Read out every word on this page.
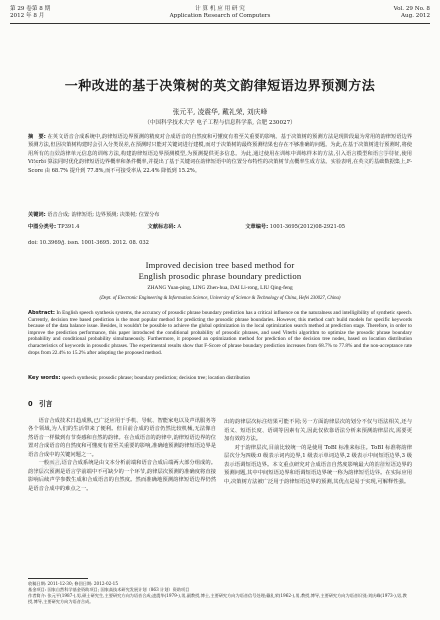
第 29 卷第 8 期
2012 年 8 月
计 算 机 应 用 研 究
Application Research of Computers
Vol. 29 No. 8
Aug. 2012
一种改进的基于决策树的英文韵律短语边界预测方法
张元平, 凌震华, 戴礼荣, 刘庆峰
（中国科学技术大学 电子工程与信息科学系, 合肥 230027）
摘　要: 在英文语音合成系统中,韵律短语边界预测的精度对合成语音的自然度和可懂度有着至关重要的影响。基于决策树的预测方法是现阶段最为常用的韵律短语边界预测方法,但因决策树构建时会引入分类误差,在预测时只能对关键词进行建模,而对于决策树的最终预测结果也存在不够准确的问题。为此,在基于决策树进行预测时,将使用所有的有效韵律单元信息的训练方法,构建韵律短语边界预测模型,为预测提供更多信息。为此,通过使用在训练中训练样本的方法,引入语言模型和语言学特征,使用 Viterbi 算法同时优化韵律短语边界概率和条件概率,并提出了基于关键词在韵律短语中的位置分布特性的决策树节点概率生成方法。实验表明,在英文的基础数据集上,F-Score 由 68.7% 提升到 77.8%,而不可接受率从 22.4% 降低到 15.2%。
关键词: 语音合成; 韵律短语; 边界预测; 决策树; 位置分布
中图分类号: TP391.4	文献标志码: A	文章编号: 1001-3695(2012)08-2921-05
doi: 10.3969/j. issn. 1001-3695. 2012. 08. 032
Improved decision tree based method for
English prosodic phrase boundary prediction
ZHANG Yuan-ping, LING Zhen-hua, DAI Li-rong, LIU Qing-feng
(Dept. of Electronic Engineering & Information Science, University of Science & Technology of China, Hefei 230027, China)
Abstract: In English speech synthesis systems, the accuracy of prosodic phrase boundary prediction has a critical influence on the naturalness and intelligibility of synthetic speech. Currently, decision tree based prediction is the most popular method for predicting the prosodic phrase boundaries. However, this method can't build models for specific keywords because of the data balance issue. Besides, it wouldn't be possible to achieve the global optimization in the local optimization search method at prediction stage. Therefore, in order to improve the prediction performance, this paper introduced the conditional probability of prosodic phrases, and used Viterbi algorithm to optimize the prosodic phrase boundary probability and conditional probability simultaneously. Furthermore, it proposed an optimization method for prediction of the decision tree nodes, based on location distribution characteristics of keywords in prosodic phrases. The experimental results show that F-Score of phrase boundary prediction increases from 68.7% to 77.8% and the non-acceptance rate drops from 22.4% to 15.2% after adopting the proposed method.
Key words: speech synthesis; prosodic phrase; boundary prediction; decision tree; location distribution
0　引言

语音合成技术日趋成熟,已广泛应用于手机、导航、智能家电以及声讯服务等各个领域,为人们的生活带来了便利。但目前合成的语音仍然比较机械,无法像自然语音一样做到有节奏感和自然的韵律。在合成语音的韵律中,韵律短语边界的位置对合成语音的自然度和可懂度有着至关重要的影响,准确地预测韵律短语边界是语音合成中的关键问题之一。

一般而言,语音合成系统是由文本分析前端和语音合成后端两大部分组成的。韵律层次预测是语言学前端中不可缺少的一个环节,韵律层次预测的准确度将直接影响后续声学参数生成和合成语音的自然度。然而准确地预测韵律短语边界仍然是语音合成中的难点之一。

出的韵律层次标注结果可能不同;另一方面韵律层次的划分不仅与语法相关,还与语义、短语长度、语调等因素有关,因此仅依靠语法分析来预测韵律层次,需要更加有效的方法。

对于韵律层次,目前比较统一的是使用 ToBI 标准来标注。ToBI 标准将韵律层次分为四级:0 级表示词内边界,1 级表示单词边界,2 级表示中间短语边界,3 级表示语调短语边界。本文重点研究对合成语音自然度影响最大的韵律短语边界的预测问题,其中中间短语边界和语调短语边界统一称为韵律短语边界。在实际应用中,决策树方法被广泛用于韵律短语边界的预测,其优点是易于实现,可解释性强。

收稿日期: 2011-12-30; 修回日期: 2012-02-15
基金项目: 国家自然科学基金资助项目; 国家高技术研究发展计划（863 计划）资助项目
作者简介: 张元平(1987-),男,硕士研究生,主要研究方向为语音合成;凌震华(1979-),男,副教授,博士,主要研究方向为语音信号处理;戴礼荣(1962-),男,教授,博导,主要研究方向为语音识别;刘庆峰(1973-),男,教授,博导,主要研究方向为语音合成。
万方数据	万方数据
万方数据	万方数据
